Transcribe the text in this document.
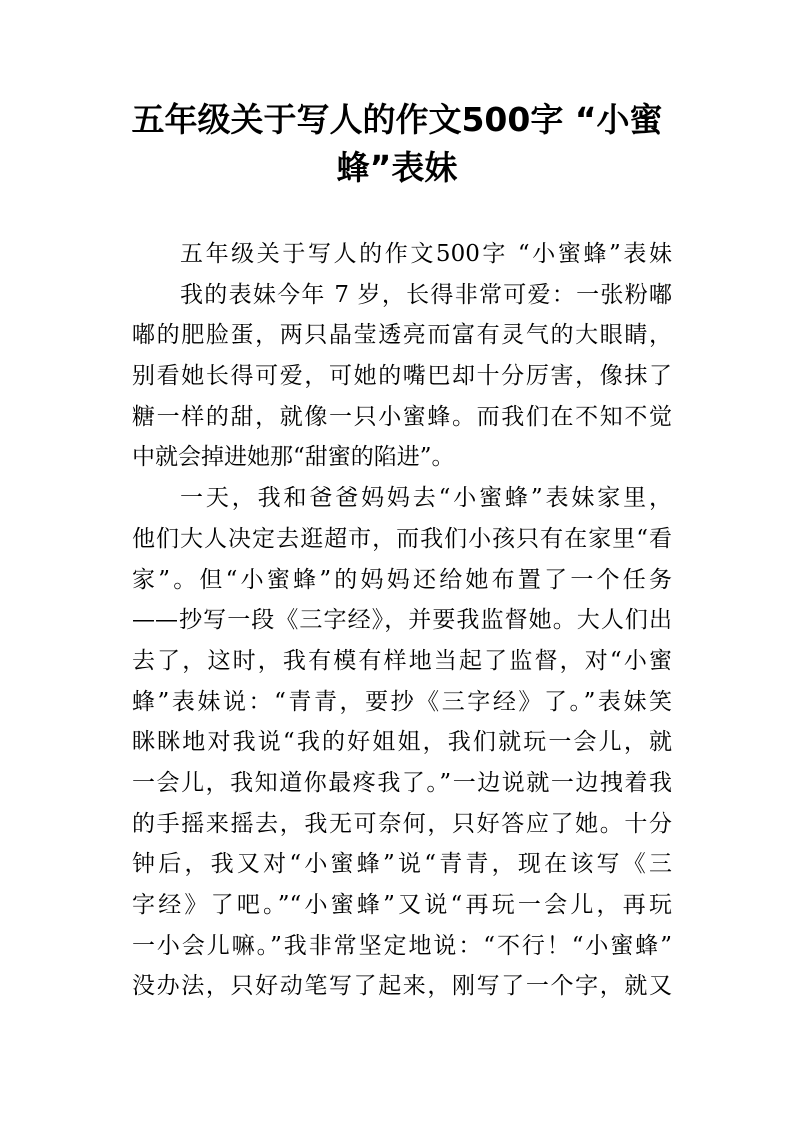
五年级关于写人的作文500字 “小蜜
蜂”表妹
五年级关于写人的作文500字 “小蜜蜂”表妹
我的表妹今年 7 岁，长得非常可爱：一张粉嘟
嘟的肥脸蛋，两只晶莹透亮而富有灵气的大眼睛，
别看她长得可爱，可她的嘴巴却十分厉害，像抹了
糖一样的甜，就像一只小蜜蜂。而我们在不知不觉
中就会掉进她那“甜蜜的陷进”。
一天，我和爸爸妈妈去“小蜜蜂”表妹家里，
他们大人决定去逛超市，而我们小孩只有在家里“看
家”。但“小蜜蜂”的妈妈还给她布置了一个任务
——抄写一段《三字经》，并要我监督她。大人们出
去了，这时，我有模有样地当起了监督，对“小蜜
蜂”表妹说：“青青，要抄《三字经》了。”表妹笑
眯眯地对我说“我的好姐姐，我们就玩一会儿，就
一会儿，我知道你最疼我了。”一边说就一边拽着我
的手摇来摇去，我无可奈何，只好答应了她。十分
钟后，我又对“小蜜蜂”说“青青，现在该写《三
字经》了吧。”“小蜜蜂”又说“再玩一会儿，再玩
一小会儿嘛。”我非常坚定地说：“不行！“小蜜蜂”
没办法，只好动笔写了起来，刚写了一个字，就又
